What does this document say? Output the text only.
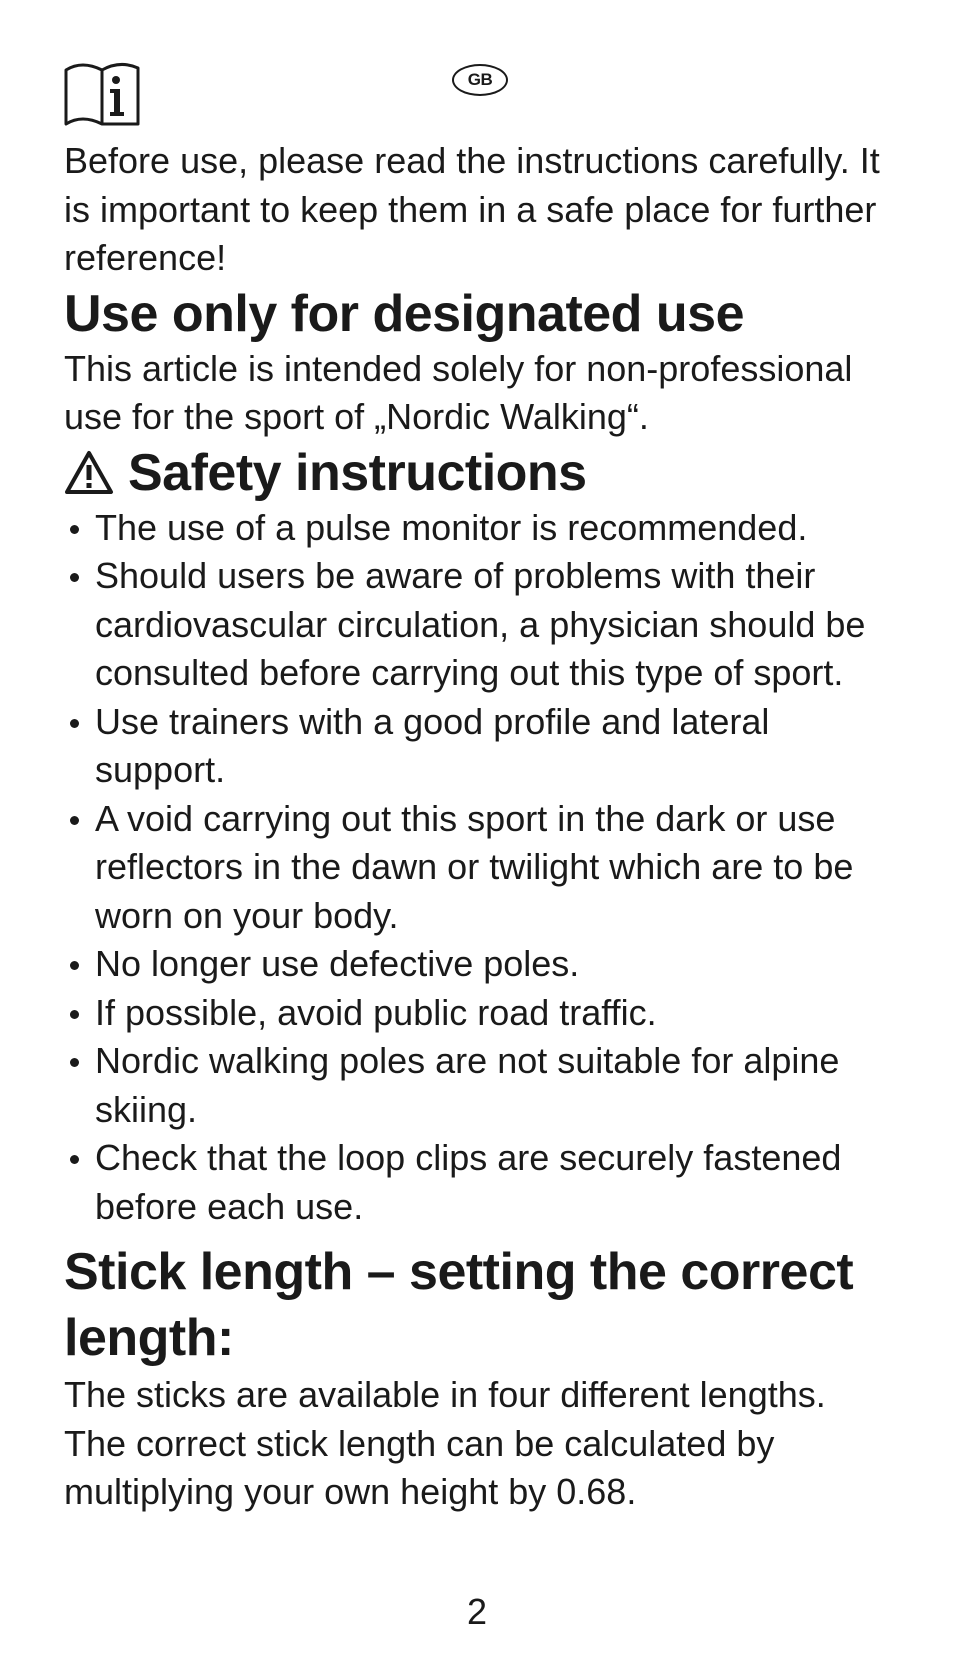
GB

Before use, please read the instructions carefully. It is important to keep them in a safe place for further reference!

Use only for designated use

This article is intended solely for non-professional use for the sport of „Nordic Walking“.

Safety instructions
The use of a pulse monitor is recommended.
Should users be aware of problems with their cardiovascular circulation, a physician should be consulted before carrying out this type of sport.
Use trainers with a good profile and lateral support.
A void carrying out this sport in the dark or use reflectors in the dawn or twilight which are to be worn on your body.
No longer use defective poles.
If possible, avoid public road traffic.
Nordic walking poles are not suitable for alpine skiing.
Check that the loop clips are securely fastened before each use.
Stick length – setting the correct length:

The sticks are available in four different lengths. The correct stick length can be calculated by multiplying your own height by 0.68.

2
